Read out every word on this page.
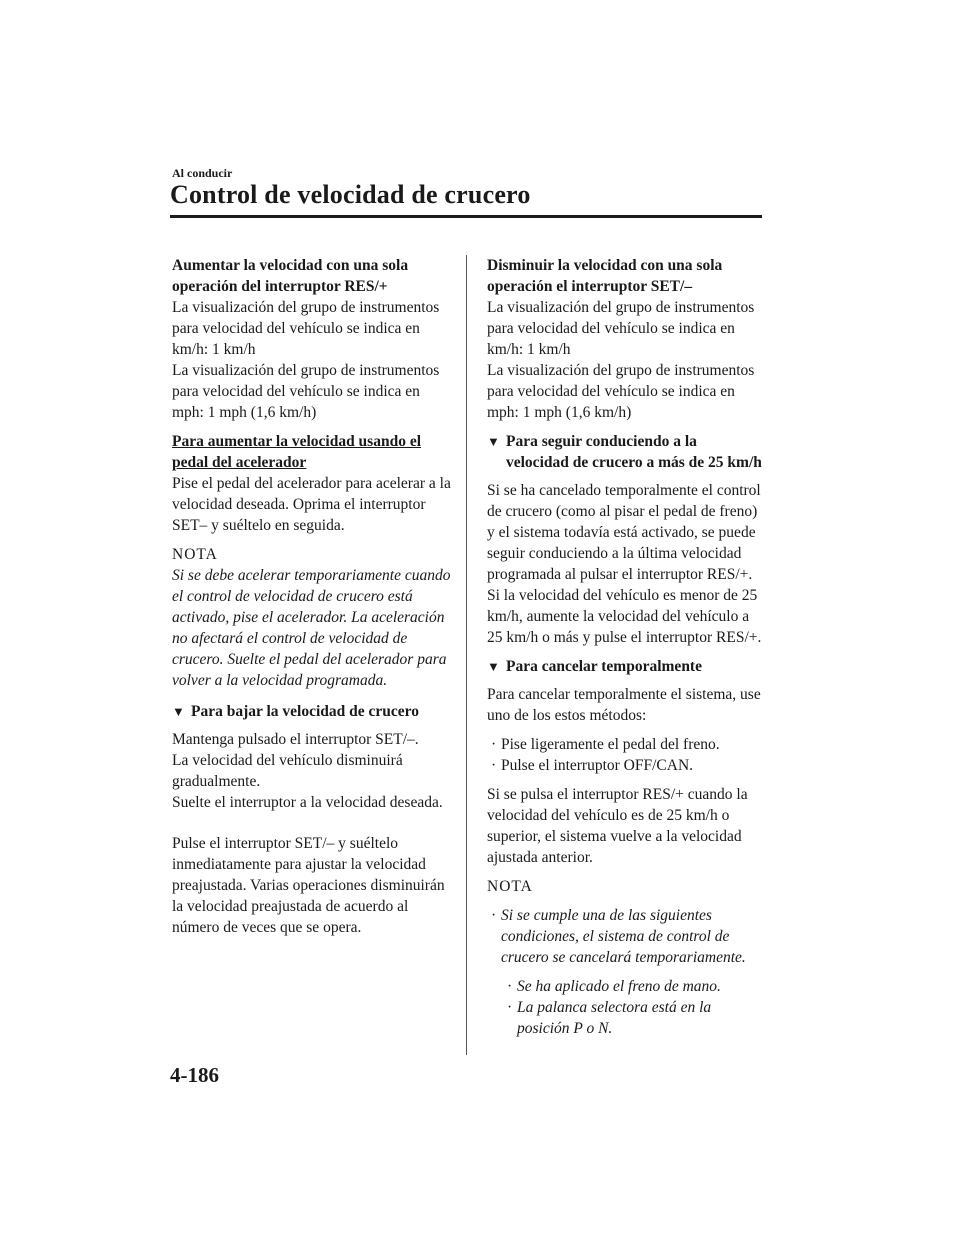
Al conducir
Control de velocidad de crucero

Aumentar la velocidad con una sola operación del interruptor RES/+

La visualización del grupo de instrumentos para velocidad del vehículo se indica en km/h: 1 km/h

La visualización del grupo de instrumentos para velocidad del vehículo se indica en mph: 1 mph (1,6 km/h)

Para aumentar la velocidad usando el pedal del acelerador

Pise el pedal del acelerador para acelerar a la velocidad deseada. Oprima el interruptor SET– y suéltelo en seguida.

NOTA

Si se debe acelerar temporariamente cuando el control de velocidad de crucero está activado, pise el acelerador. La aceleración no afectará el control de velocidad de crucero. Suelte el pedal del acelerador para volver a la velocidad programada.

▼ Para bajar la velocidad de crucero

Mantenga pulsado el interruptor SET/–.

La velocidad del vehículo disminuirá gradualmente.

Suelte el interruptor a la velocidad deseada.

Pulse el interruptor SET/– y suéltelo inmediatamente para ajustar la velocidad preajustada. Varias operaciones disminuirán la velocidad preajustada de acuerdo al número de veces que se opera.

Disminuir la velocidad con una sola operación el interruptor SET/–

La visualización del grupo de instrumentos para velocidad del vehículo se indica en km/h: 1 km/h

La visualización del grupo de instrumentos para velocidad del vehículo se indica en mph: 1 mph (1,6 km/h)

▼ Para seguir conduciendo a la velocidad de crucero a más de 25 km/h

Si se ha cancelado temporalmente el control de crucero (como al pisar el pedal de freno) y el sistema todavía está activado, se puede seguir conduciendo a la última velocidad programada al pulsar el interruptor RES/+.

Si la velocidad del vehículo es menor de 25 km/h, aumente la velocidad del vehículo a 25 km/h o más y pulse el interruptor RES/+.

▼ Para cancelar temporalmente

Para cancelar temporalmente el sistema, use uno de los estos métodos:

· Pise ligeramente el pedal del freno.
· Pulse el interruptor OFF/CAN.

Si se pulsa el interruptor RES/+ cuando la velocidad del vehículo es de 25 km/h o superior, el sistema vuelve a la velocidad ajustada anterior.

NOTA

· Si se cumple una de las siguientes condiciones, el sistema de control de crucero se cancelará temporariamente.
· Se ha aplicado el freno de mano.
· La palanca selectora está en la posición P o N.
4-186
